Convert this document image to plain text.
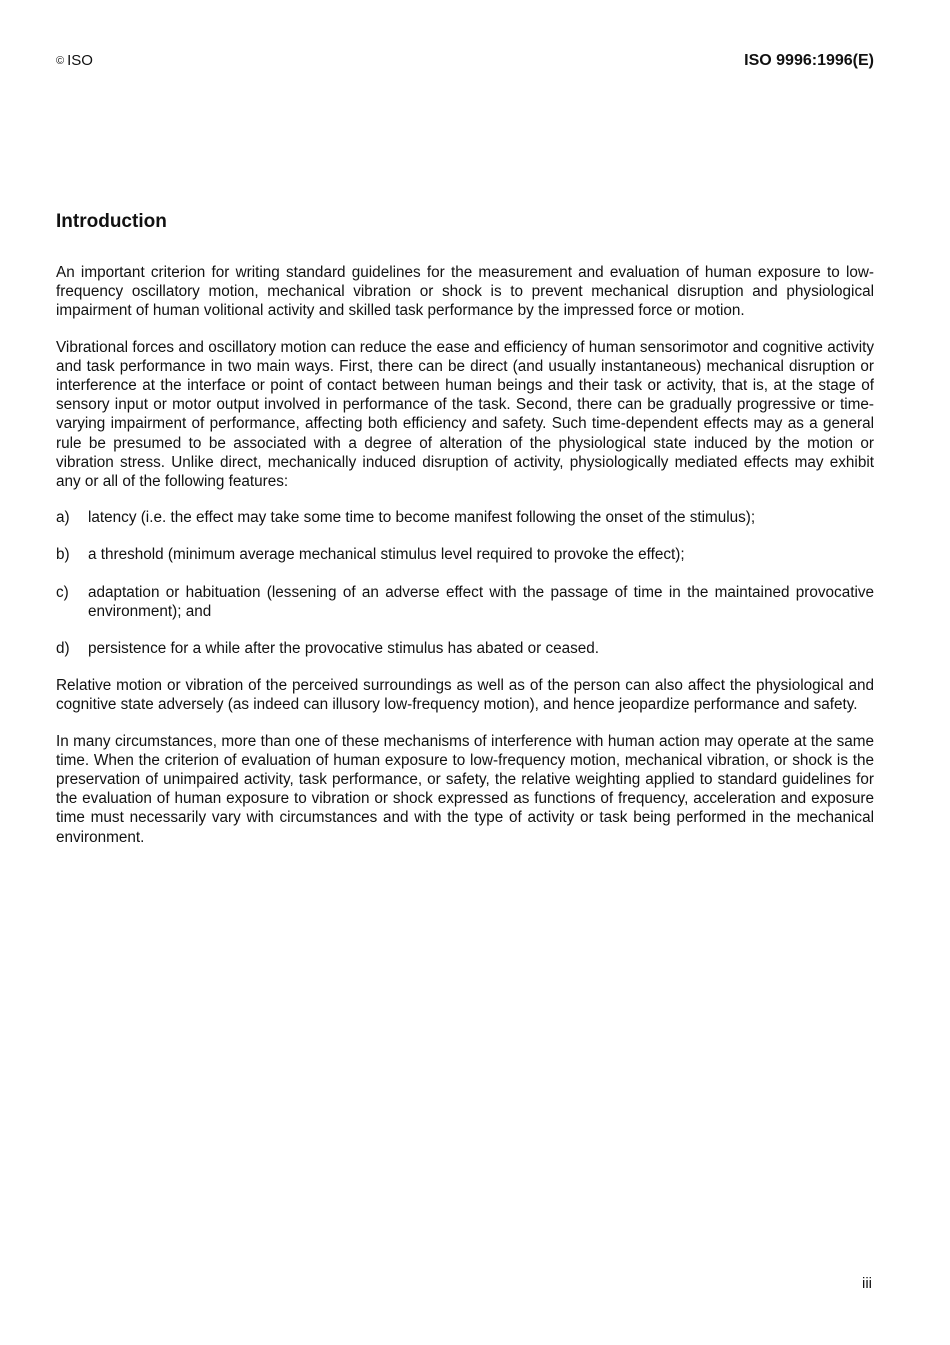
© ISO	ISO 9996:1996(E)
Introduction

An important criterion for writing standard guidelines for the measurement and evaluation of human exposure to low-frequency oscillatory motion, mechanical vibration or shock is to prevent mechanical disruption and physiological impairment of human volitional activity and skilled task performance by the impressed force or motion.

Vibrational forces and oscillatory motion can reduce the ease and efficiency of human sensorimotor and cognitive activity and task performance in two main ways. First, there can be direct (and usually instantaneous) mechanical disruption or interference at the interface or point of contact between human beings and their task or activity, that is, at the stage of sensory input or motor output involved in performance of the task. Second, there can be gradually progressive or time-varying impairment of performance, affecting both efficiency and safety. Such time-dependent effects may as a general rule be presumed to be associated with a degree of alteration of the physiological state induced by the motion or vibration stress. Unlike direct, mechanically induced disruption of activity, physiologically mediated effects may exhibit any or all of the following features:

a)	latency (i.e. the effect may take some time to become manifest following the onset of the stimulus);
b)	a threshold (minimum average mechanical stimulus level required to provoke the effect);
c)	adaptation or habituation (lessening of an adverse effect with the passage of time in the maintained provocative environment); and
d)	persistence for a while after the provocative stimulus has abated or ceased.

Relative motion or vibration of the perceived surroundings as well as of the person can also affect the physiological and cognitive state adversely (as indeed can illusory low-frequency motion), and hence jeopardize performance and safety.

In many circumstances, more than one of these mechanisms of interference with human action may operate at the same time. When the criterion of evaluation of human exposure to low-frequency motion, mechanical vibration, or shock is the preservation of unimpaired activity, task performance, or safety, the relative weighting applied to standard guidelines for the evaluation of human exposure to vibration or shock expressed as functions of frequency, acceleration and exposure time must necessarily vary with circumstances and with the type of activity or task being performed in the mechanical environment.

iii
